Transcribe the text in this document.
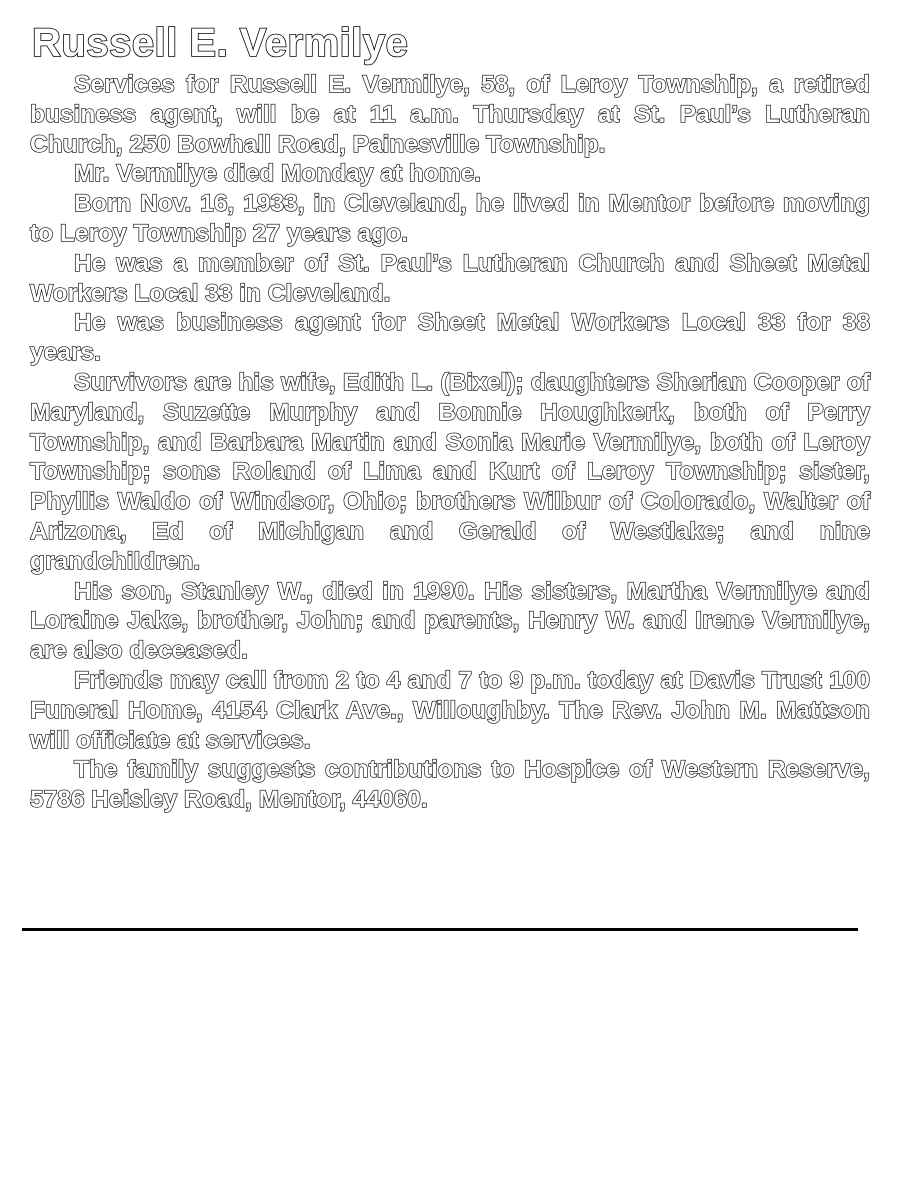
Russell E. Vermilye

Services for Russell E. Vermilye, 58, of Leroy Township, a retired business agent, will be at 11 a.m. Thursday at St. Paul’s Lutheran Church, 250 Bowhall Road, Painesville Township.

Mr. Vermilye died Monday at home.

Born Nov. 16, 1933, in Cleveland, he lived in Mentor before moving to Leroy Township 27 years ago.

He was a member of St. Paul’s Lutheran Church and Sheet Metal Workers Local 33 in Cleveland.

He was business agent for Sheet Metal Workers Local 33 for 38 years.

Survivors are his wife, Edith L. (Bixel); daughters Sherian Cooper of Maryland, Suzette Murphy and Bonnie Houghkerk, both of Perry Township, and Barbara Martin and Sonia Marie Vermilye, both of Leroy Township; sons Roland of Lima and Kurt of Leroy Township; sister, Phyllis Waldo of Windsor, Ohio; brothers Wilbur of Colorado, Walter of Arizona, Ed of Michigan and Gerald of Westlake; and nine grandchildren.

His son, Stanley W., died in 1990. His sisters, Martha Vermilye and Loraine Jake, brother, John; and parents, Henry W. and Irene Vermilye, are also deceased.

Friends may call from 2 to 4 and 7 to 9 p.m. today at Davis Trust 100 Funeral Home, 4154 Clark Ave., Willoughby. The Rev. John M. Mattson will officiate at services.

The family suggests contributions to Hospice of Western Reserve, 5786 Heisley Road, Mentor, 44060.
